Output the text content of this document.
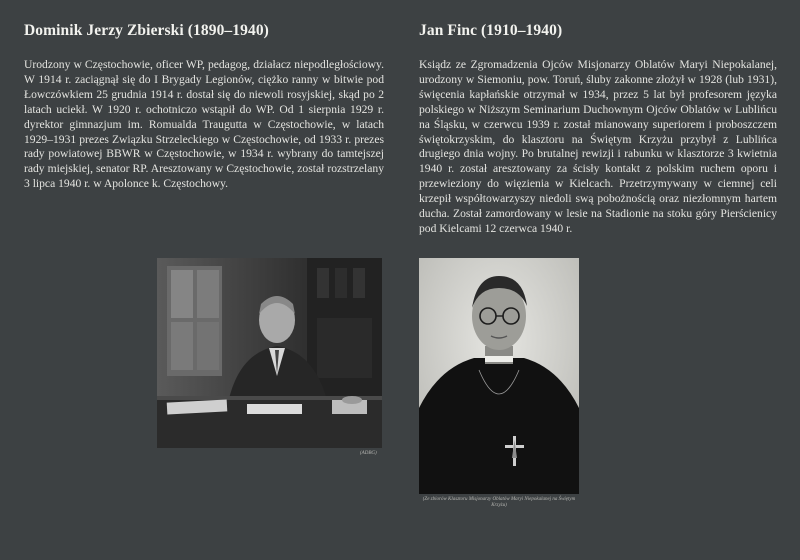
Dominik Jerzy Zbierski (1890–1940)

Urodzony w Częstochowie, oficer WP, pedagog, działacz niepodległościowy. W 1914 r. zaciągnął się do I Brygady Legionów, ciężko ranny w bitwie pod Łowczówkiem 25 grudnia 1914 r. dostał się do niewoli rosyjskiej, skąd po 2 latach uciekł. W 1920 r. ochotniczo wstąpił do WP. Od 1 sierpnia 1929 r. dyrektor gimnazjum im. Romualda Traugutta w Częstochowie, w latach 1929–1931 prezes Związku Strzeleckiego w Częstochowie, od 1933 r. prezes rady powiatowej BBWR w Częstochowie, w 1934 r. wybrany do tamtejszej rady miejskiej, senator RP. Aresztowany w Częstochowie, został rozstrzelany 3 lipca 1940 r. w Apolonce k. Częstochowy.

Jan Finc (1910–1940)

Ksiądz ze Zgromadzenia Ojców Misjonarzy Oblatów Maryi Niepokalanej, urodzony w Siemoniu, pow. Toruń, śluby zakonne złożył w 1928 (lub 1931), święcenia kapłańskie otrzymał w 1934, przez 5 lat był profesorem języka polskiego w Niższym Seminarium Duchownym Ojców Oblatów w Lublińcu na Śląsku, w czerwcu 1939 r. został mianowany superiorem i proboszczem świętokrzyskim, do klasztoru na Świętym Krzyżu przybył z Lublińca drugiego dnia wojny. Po brutalnej rewizji i rabunku w klasztorze 3 kwietnia 1940 r. został aresztowany za ścisły kontakt z polskim ruchem oporu i przewieziony do więzienia w Kielcach. Przetrzymywany w ciemnej celi krzepił współtowarzyszy niedoli swą pobożnością oraz niezłomnym hartem ducha. Został zamordowany w lesie na Stadionie na stoku góry Pierścienicy pod Kielcami 12 czerwca 1940 r.

(ADBG)
(Ze zbiorów Klasztoru Misjonarzy Oblatów Maryi Niepokalanej na Świętym Krzyżu)
